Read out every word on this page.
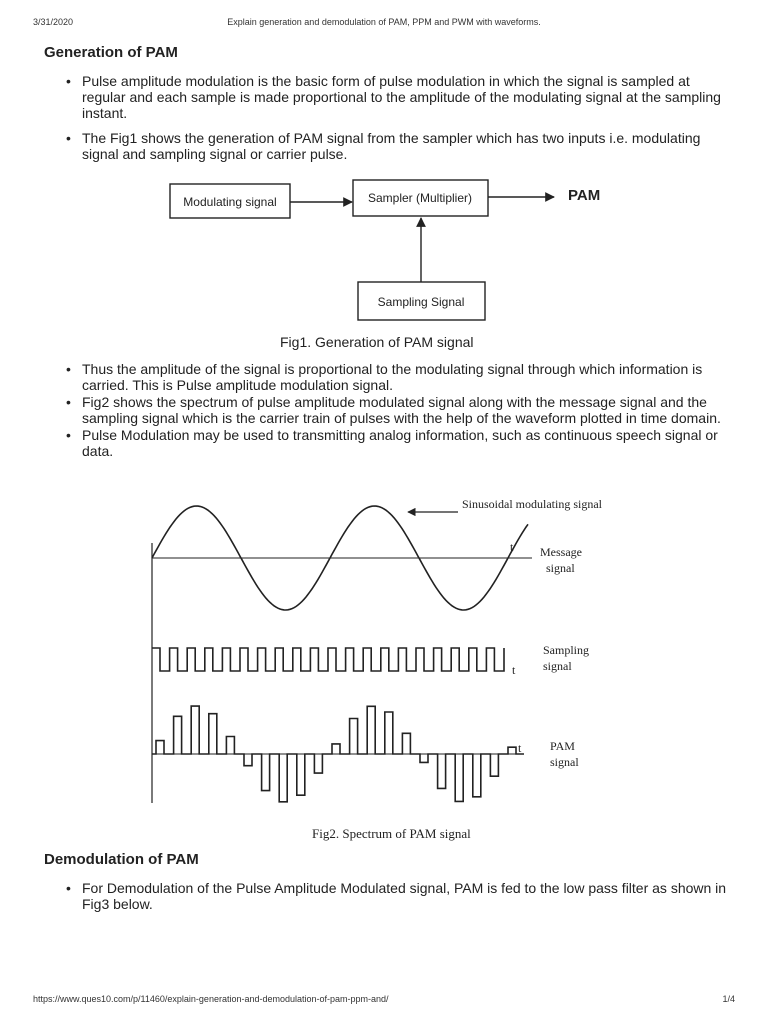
3/31/2020	Explain generation and demodulation of PAM, PPM and PWM with waveforms.
Generation of PAM
• Pulse amplitude modulation is the basic form of pulse modulation in which the signal is sampled at regular and each sample is made proportional to the amplitude of the modulating signal at the sampling instant.
• The Fig1 shows the generation of PAM signal from the sampler which has two inputs i.e. modulating signal and sampling signal or carrier pulse.
Modulating signal	Sampler (Multiplier)	PAM
Sampling Signal
Fig1. Generation of PAM signal
• Thus the amplitude of the signal is proportional to the modulating signal through which information is carried. This is Pulse amplitude modulation signal.
• Fig2 shows the spectrum of pulse amplitude modulated signal along with the message signal and the sampling signal which is the carrier train of pulses with the help of the waveform plotted in time domain.
• Pulse Modulation may be used to transmitting analog information, such as continuous speech signal or data.
Sinusoidal modulating signal
t Message
signal
t
Sampling
signal
t PAM
signal
Fig2. Spectrum of PAM signal
Demodulation of PAM
• For Demodulation of the Pulse Amplitude Modulated signal, PAM is fed to the low pass filter as shown in Fig3 below.
https://www.ques10.com/p/11460/explain-generation-and-demodulation-of-pam-ppm-and/	1/4
